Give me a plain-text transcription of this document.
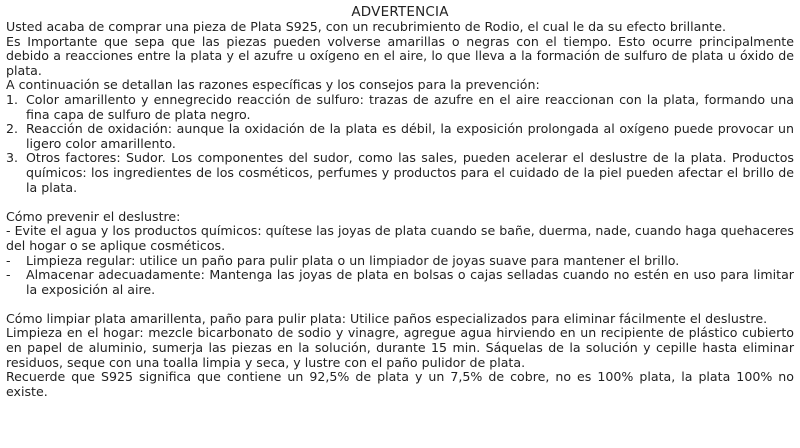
ADVERTENCIA

Usted acaba de comprar una pieza de Plata S925, con un recubrimiento de Rodio, el cual le da su efecto brillante.

Es Importante que sepa que las piezas pueden volverse amarillas o negras con el tiempo. Esto ocurre principalmente debido a reacciones entre la plata y el azufre u oxígeno en el aire, lo que lleva a la formación de sulfuro de plata u óxido de plata.

A continuación se detallan las razones específicas y los consejos para la prevención:

1. Color amarillento y ennegrecido reacción de sulfuro: trazas de azufre en el aire reaccionan con la plata, formando una fina capa de sulfuro de plata negro.
2. Reacción de oxidación: aunque la oxidación de la plata es débil, la exposición prolongada al oxígeno puede provocar un ligero color amarillento.
3. Otros factores: Sudor. Los componentes del sudor, como las sales, pueden acelerar el deslustre de la plata. Productos químicos: los ingredientes de los cosméticos, perfumes y productos para el cuidado de la piel pueden afectar el brillo de la plata.

Cómo prevenir el deslustre:

- Evite el agua y los productos químicos: quítese las joyas de plata cuando se bañe, duerma, nade, cuando haga quehaceres del hogar o se aplique cosméticos.

- Limpieza regular: utilice un paño para pulir plata o un limpiador de joyas suave para mantener el brillo.
- Almacenar adecuadamente: Mantenga las joyas de plata en bolsas o cajas selladas cuando no estén en uso para limitar la exposición al aire.

Cómo limpiar plata amarillenta, paño para pulir plata: Utilice paños especializados para eliminar fácilmente el deslustre.

Limpieza en el hogar: mezcle bicarbonato de sodio y vinagre, agregue agua hirviendo en un recipiente de plástico cubierto en papel de aluminio, sumerja las piezas en la solución, durante 15 min. Sáquelas de la solución y cepille hasta eliminar residuos, seque con una toalla limpia y seca, y lustre con el paño pulidor de plata.

Recuerde que S925 significa que contiene un 92,5% de plata y un 7,5% de cobre, no es 100% plata, la plata 100% no existe.
